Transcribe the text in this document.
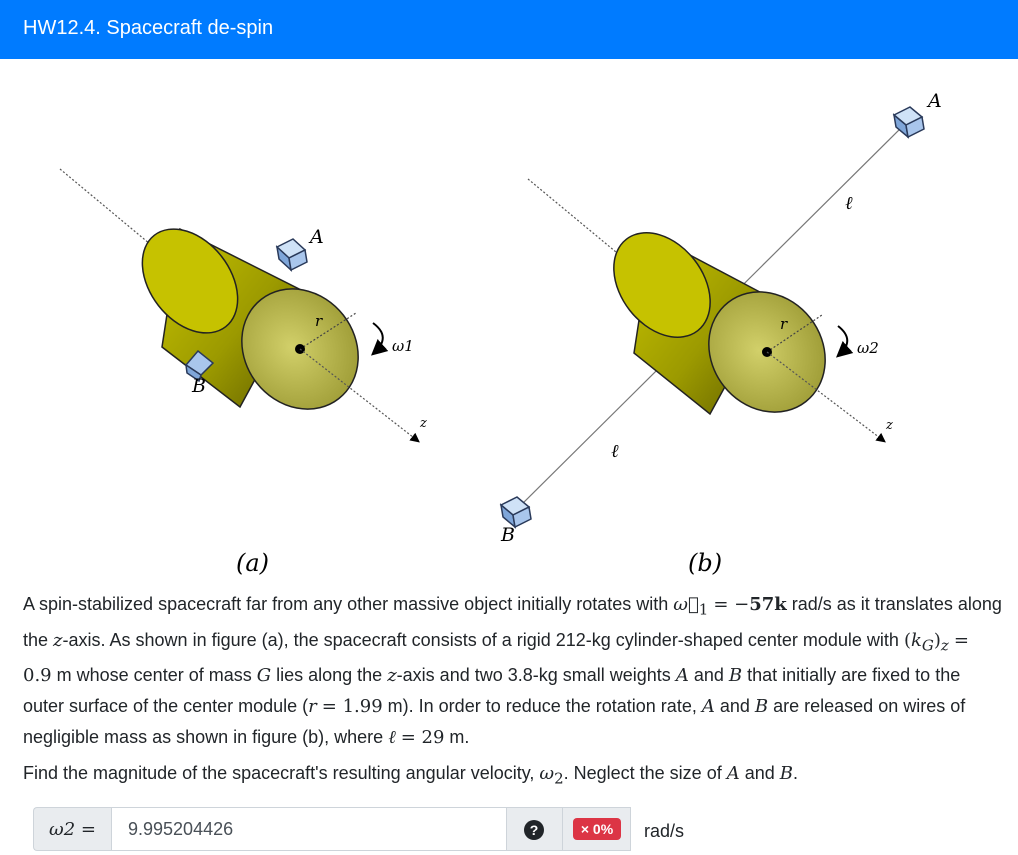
HW12.4. Spacecraft de-spin
A
B
r
ω1
z
(a)
A
B
ℓ
ℓ
r
ω2
z
(b)

A spin-stabilized spacecraft far from any other massive object initially rotates with $\omega⃗_1 = -57k$ rad/s as it translates along the z-axis. As shown in figure (a), the spacecraft consists of a rigid 212-kg cylinder-shaped center module with $(k_G)_z = 0.9$ m whose center of mass G lies along the z-axis and two 3.8-kg small weights A and B that initially are fixed to the outer surface of the center module (r = 1.99 m). In order to reduce the rotation rate, A and B are released on wires of negligible mass as shown in figure (b), where ℓ = 29 m.

Find the magnitude of the spacecraft's resulting angular velocity, $\omega_2$. Neglect the size of A and B.

ω2 =	9.995204426	?	× 0%	rad/s
